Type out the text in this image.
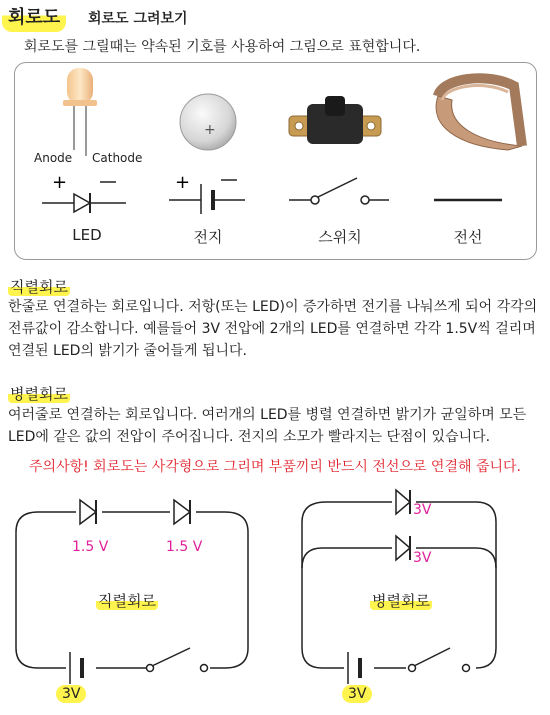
회로도	회로도 그려보기
회로도를 그릴때는 약속된 기호를 사용하여 그림으로 표현합니다.
Anode Cathode
+
LED
+
+
전지	스위치	전선
직렬회로
한줄로 연결하는 회로입니다. 저항(또는 LED)이 증가하면 전기를 나눠쓰게 되어 각각의
전류값이 감소합니다. 예를들어 3V 전압에 2개의 LED를 연결하면 각각 1.5V씩 걸리며
연결된 LED의 밝기가 줄어들게 됩니다.
병렬회로
여러줄로 연결하는 회로입니다. 여러개의 LED를 병렬 연결하면 밝기가 균일하며 모든
LED에 같은 값의 전압이 주어집니다. 전지의 소모가 빨라지는 단점이 있습니다.
주의사항! 회로도는 사각형으로 그리며 부품끼리 반드시 전선으로 연결해 줍니다.
1.5 V	1.5 V
직렬회로
3V
3V
3V
병렬회로
3V
